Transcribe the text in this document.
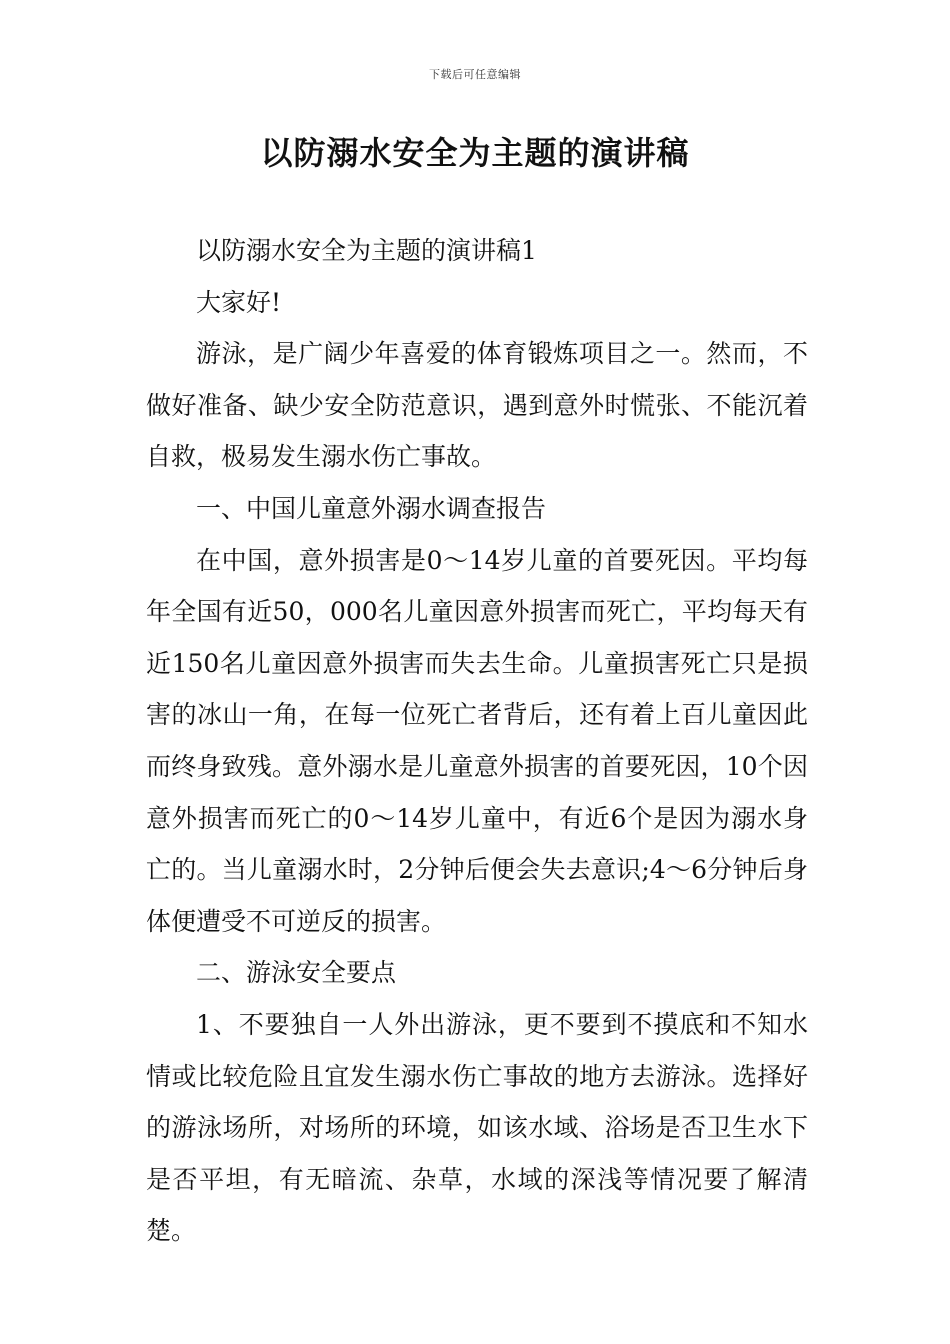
下载后可任意编辑
以防溺水安全为主题的演讲稿

以防溺水安全为主题的演讲稿1

大家好!

游泳，是广阔少年喜爱的体育锻炼项目之一。然而，不做好准备、缺少安全防范意识，遇到意外时慌张、不能沉着自救，极易发生溺水伤亡事故。

一、中国儿童意外溺水调查报告

在中国，意外损害是0～14岁儿童的首要死因。平均每年全国有近50，000名儿童因意外损害而死亡，平均每天有近150名儿童因意外损害而失去生命。儿童损害死亡只是损害的冰山一角，在每一位死亡者背后，还有着上百儿童因此而终身致残。意外溺水是儿童意外损害的首要死因，10个因意外损害而死亡的0～14岁儿童中，有近6个是因为溺水身亡的。当儿童溺水时，2分钟后便会失去意识;4～6分钟后身体便遭受不可逆反的损害。

二、游泳安全要点

1、不要独自一人外出游泳，更不要到不摸底和不知水情或比较危险且宜发生溺水伤亡事故的地方去游泳。选择好的游泳场所，对场所的环境，如该水域、浴场是否卫生水下是否平坦，有无暗流、杂草，水域的深浅等情况要了解清楚。
